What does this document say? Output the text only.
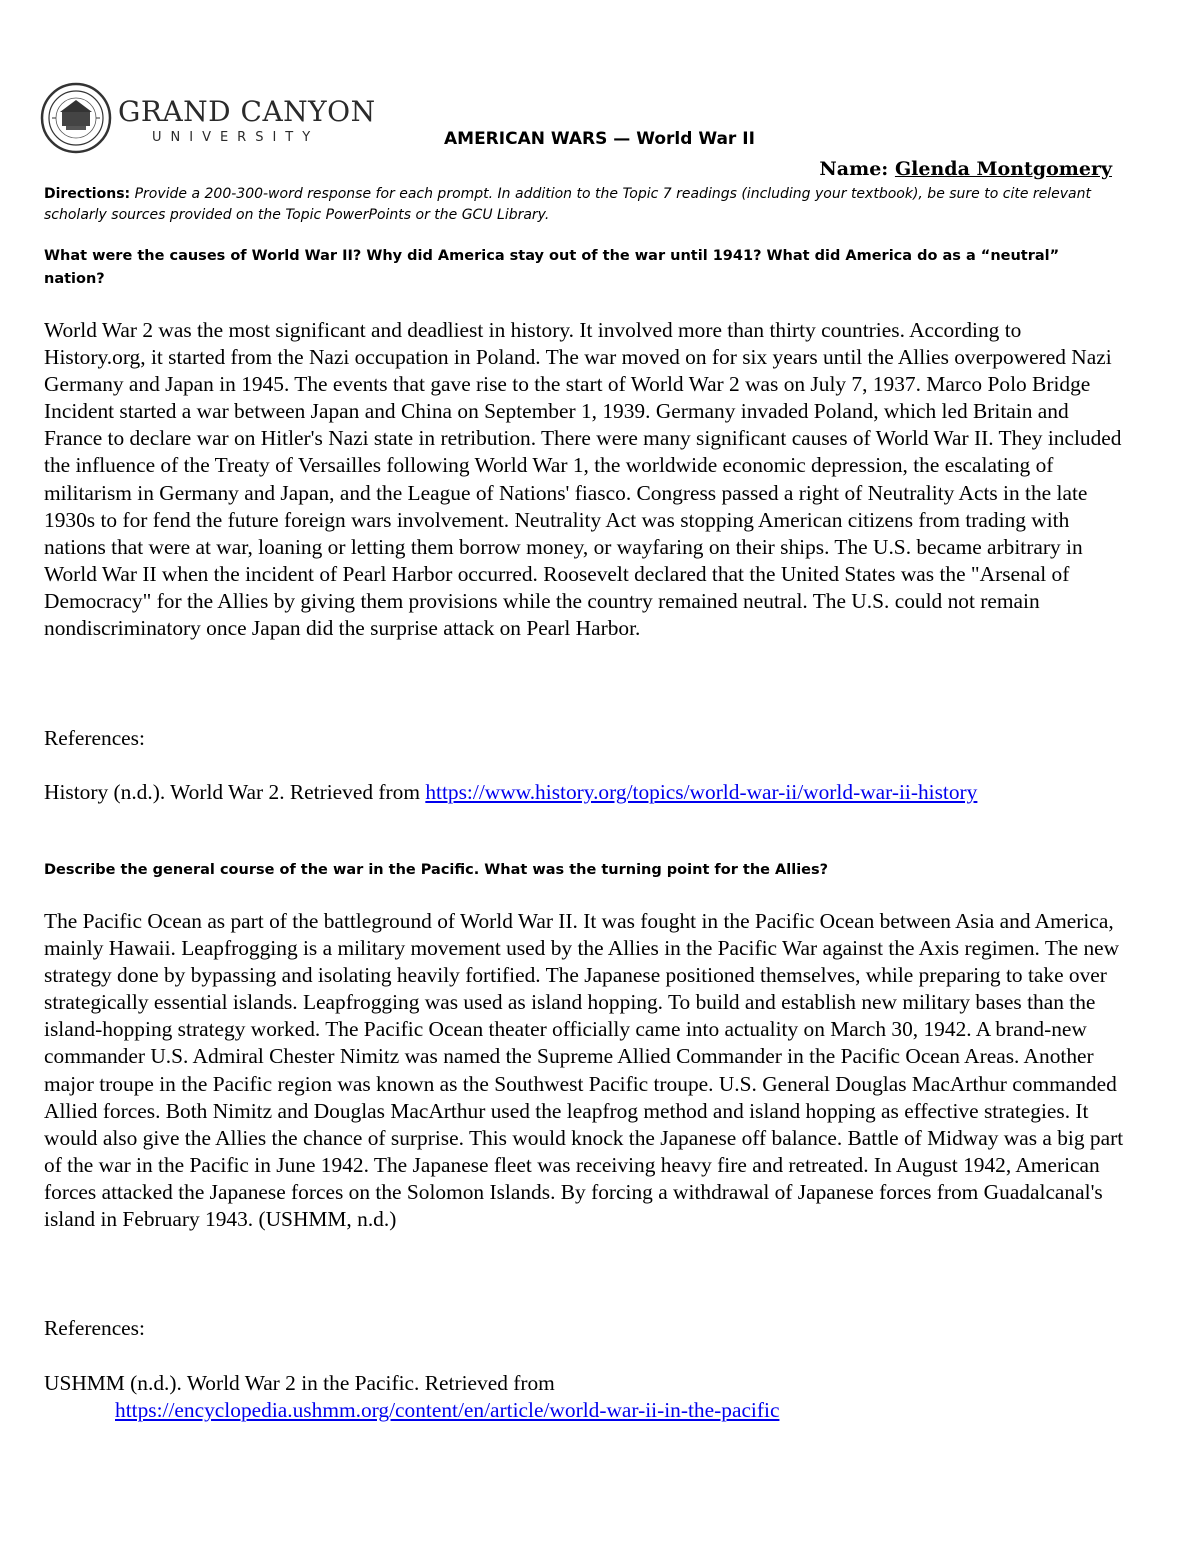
GRAND CANYON
UNIVERSITY	AMERICAN WARS — World War II
Name: Glenda Montgomery
Directions: Provide a 200-300-word response for each prompt. In addition to the Topic 7 readings (including your textbook), be sure to cite relevant scholarly sources provided on the Topic PowerPoints or the GCU Library.
What were the causes of World War II? Why did America stay out of the war until 1941? What did America do as a “neutral” nation?
World War 2 was the most significant and deadliest in history. It involved more than thirty countries. According to History.org, it started from the Nazi occupation in Poland. The war moved on for six years until the Allies overpowered Nazi Germany and Japan in 1945. The events that gave rise to the start of World War 2 was on July 7, 1937. Marco Polo Bridge Incident started a war between Japan and China on September 1, 1939. Germany invaded Poland, which led Britain and France to declare war on Hitler's Nazi state in retribution. There were many significant causes of World War II. They included the influence of the Treaty of Versailles following World War 1, the worldwide economic depression, the escalating of militarism in Germany and Japan, and the League of Nations' fiasco. Congress passed a right of Neutrality Acts in the late 1930s to for fend the future foreign wars involvement. Neutrality Act was stopping American citizens from trading with nations that were at war, loaning or letting them borrow money, or wayfaring on their ships. The U.S. became arbitrary in World War II when the incident of Pearl Harbor occurred. Roosevelt declared that the United States was the "Arsenal of Democracy" for the Allies by giving them provisions while the country remained neutral. The U.S. could not remain nondiscriminatory once Japan did the surprise attack on Pearl Harbor.
References:
History (n.d.). World War 2. Retrieved from https://www.history.org/topics/world-war-ii/world-war-ii-history
Describe the general course of the war in the Pacific. What was the turning point for the Allies?
The Pacific Ocean as part of the battleground of World War II. It was fought in the Pacific Ocean between Asia and America, mainly Hawaii. Leapfrogging is a military movement used by the Allies in the Pacific War against the Axis regimen. The new strategy done by bypassing and isolating heavily fortified. The Japanese positioned themselves, while preparing to take over strategically essential islands. Leapfrogging was used as island hopping. To build and establish new military bases than the island-hopping strategy worked. The Pacific Ocean theater officially came into actuality on March 30, 1942. A brand-new commander U.S. Admiral Chester Nimitz was named the Supreme Allied Commander in the Pacific Ocean Areas. Another major troupe in the Pacific region was known as the Southwest Pacific troupe. U.S. General Douglas MacArthur commanded Allied forces. Both Nimitz and Douglas MacArthur used the leapfrog method and island hopping as effective strategies. It would also give the Allies the chance of surprise. This would knock the Japanese off balance. Battle of Midway was a big part of the war in the Pacific in June 1942. The Japanese fleet was receiving heavy fire and retreated. In August 1942, American forces attacked the Japanese forces on the Solomon Islands. By forcing a withdrawal of Japanese forces from Guadalcanal's island in February 1943. (USHMM, n.d.)
References:
USHMM (n.d.). World War 2 in the Pacific. Retrieved from
https://encyclopedia.ushmm.org/content/en/article/world-war-ii-in-the-pacific
